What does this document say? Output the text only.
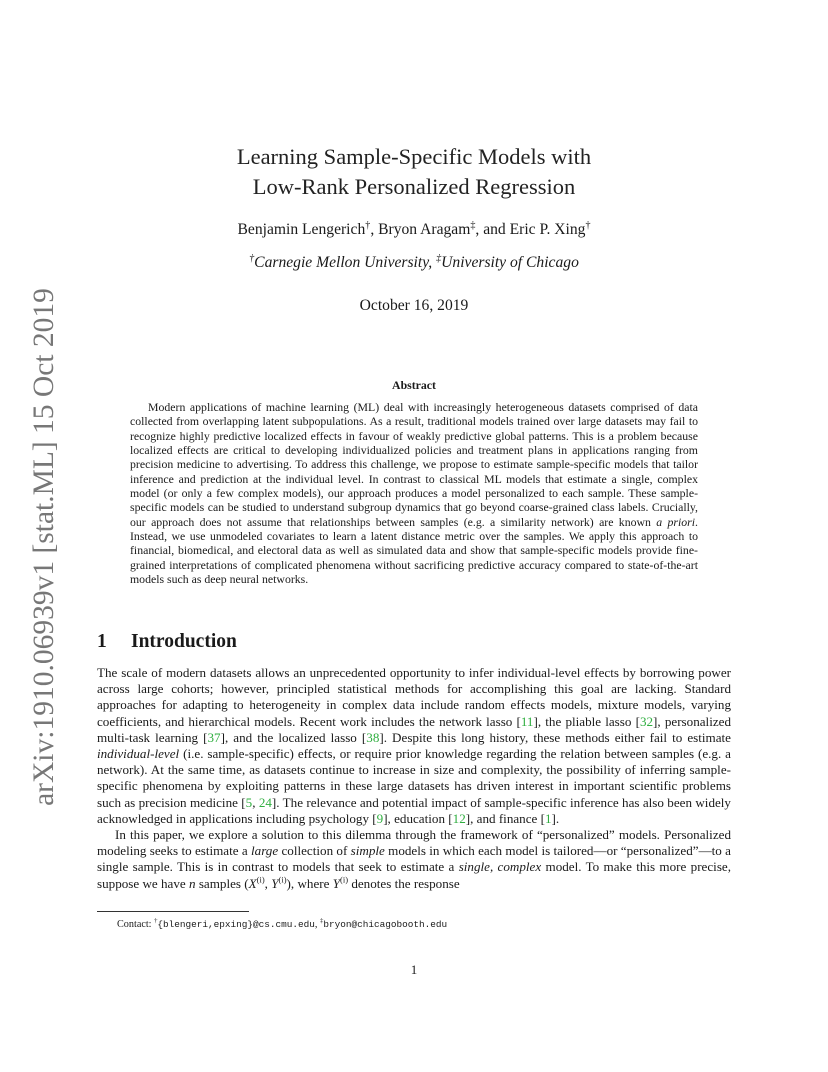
arXiv:1910.06939v1 [stat.ML] 15 Oct 2019
Learning Sample-Specific Models with
Low-Rank Personalized Regression
Benjamin Lengerich†, Bryon Aragam‡, and Eric P. Xing†
†Carnegie Mellon University, ‡University of Chicago
October 16, 2019
Abstract
Modern applications of machine learning (ML) deal with increasingly heterogeneous datasets comprised of data collected from overlapping latent subpopulations. As a result, traditional models trained over large datasets may fail to recognize highly predictive localized effects in favour of weakly predictive global patterns. This is a problem because localized effects are critical to developing individualized policies and treatment plans in applications ranging from precision medicine to advertising. To address this challenge, we propose to estimate sample-specific models that tailor inference and prediction at the individual level. In contrast to classical ML models that estimate a single, complex model (or only a few complex models), our approach produces a model personalized to each sample. These sample-specific models can be studied to understand subgroup dynamics that go beyond coarse-grained class labels. Crucially, our approach does not assume that relationships between samples (e.g. a similarity network) are known a priori. Instead, we use unmodeled covariates to learn a latent distance metric over the samples. We apply this approach to financial, biomedical, and electoral data as well as simulated data and show that sample-specific models provide fine-grained interpretations of complicated phenomena without sacrificing predictive accuracy compared to state-of-the-art models such as deep neural networks.
1 Introduction

The scale of modern datasets allows an unprecedented opportunity to infer individual-level effects by borrowing power across large cohorts; however, principled statistical methods for accomplishing this goal are lacking. Standard approaches for adapting to heterogeneity in complex data include random effects models, mixture models, varying coefficients, and hierarchical models. Recent work includes the network lasso [11], the pliable lasso [32], personalized multi-task learning [37], and the localized lasso [38]. Despite this long history, these methods either fail to estimate individual-level (i.e. sample-specific) effects, or require prior knowledge regarding the relation between samples (e.g. a network). At the same time, as datasets continue to increase in size and complexity, the possibility of inferring sample-specific phenomena by exploiting patterns in these large datasets has driven interest in important scientific problems such as precision medicine [5, 24]. The relevance and potential impact of sample-specific inference has also been widely acknowledged in applications including psychology [9], education [12], and finance [1].

In this paper, we explore a solution to this dilemma through the framework of “personalized” models. Personalized modeling seeks to estimate a large collection of simple models in which each model is tailored—or “personalized”—to a single sample. This is in contrast to models that seek to estimate a single, complex model. To make this more precise, suppose we have n samples ($X^{(i)}$, $Y^{(i)}$), where $Y^{(i)}$ denotes the response

Contact: †{blengeri,epxing}@cs.cmu.edu, ‡bryon@chicagobooth.edu
1
